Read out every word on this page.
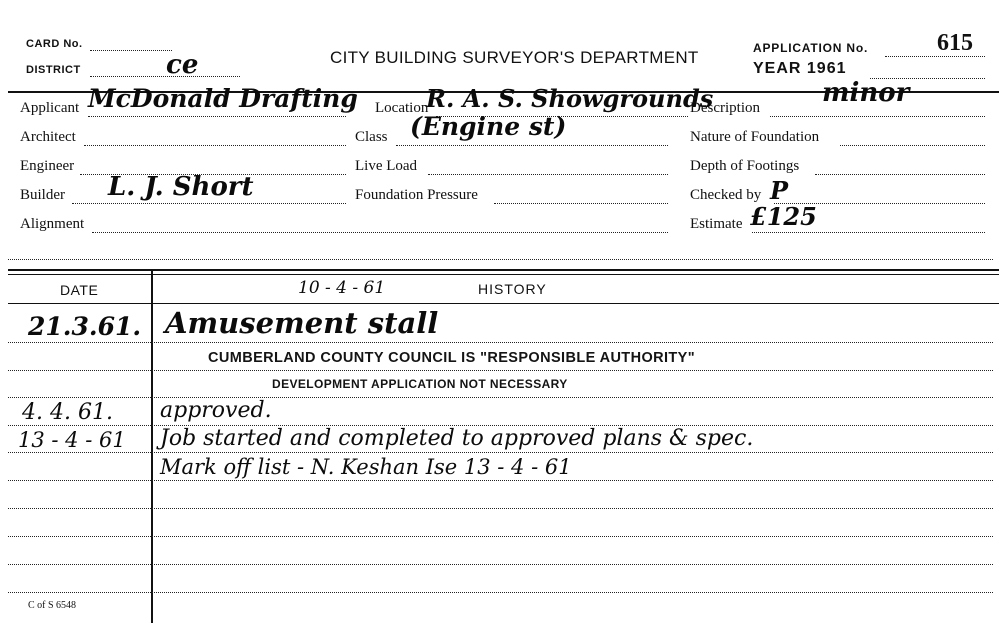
CARD No.
DISTRICT	ce	CITY BUILDING SURVEYOR'S DEPARTMENT	APPLICATION No.	615
YEAR 1961
Applicant McDonald Drafting
Architect
Engineer
Builder L. J. Short
Alignment
Location
R. A. S. Showgrounds
Class (Engine st)
Live Load
Foundation Pressure
Description minor
Nature of Foundation
Depth of Footings
Checked by P
Estimate £125
DATE	HISTORY
10 - 4 - 61
21.3.61. Amusement stall
CUMBERLAND COUNTY COUNCIL IS "RESPONSIBLE AUTHORITY"
DEVELOPMENT APPLICATION NOT NECESSARY
4. 4. 61. approved.
13 - 4 - 61 Job started and completed to approved plans & spec.
Mark off list - N. Keshan Ise 13 - 4 - 61
C of S 6548
